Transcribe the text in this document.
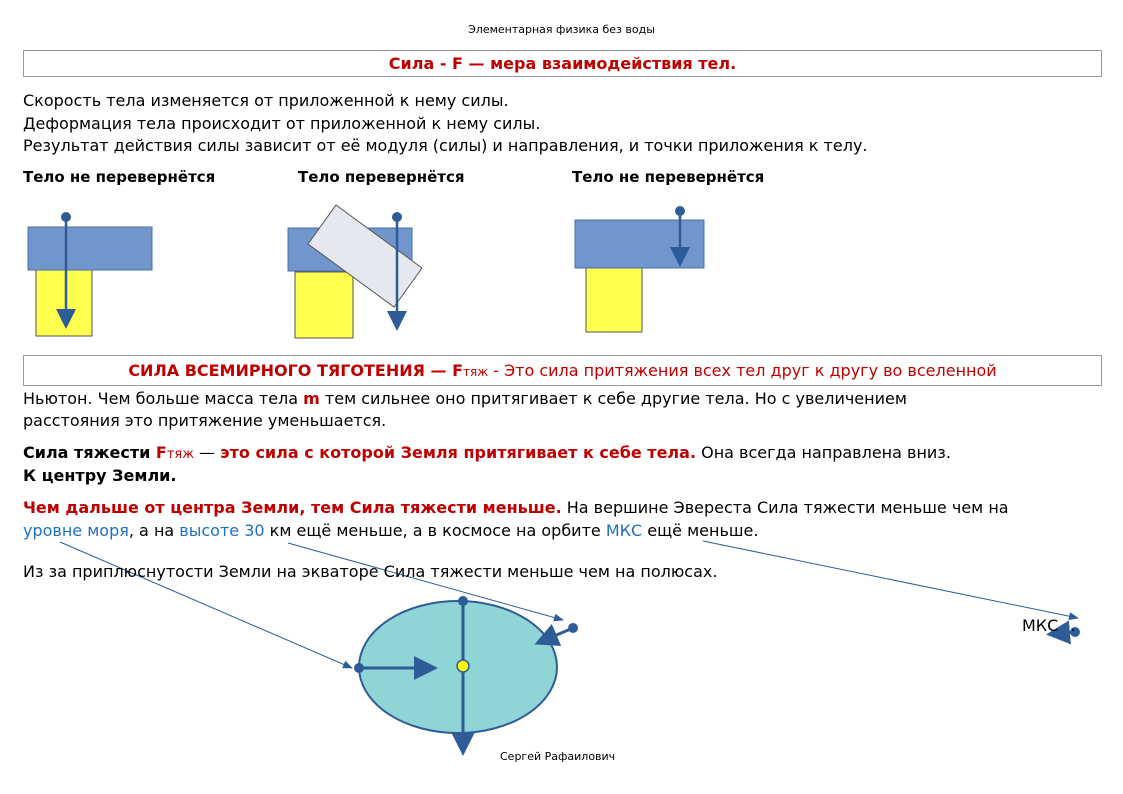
Элементарная физика без воды
Сила - F — мера взаимодействия тел.
Скорость тела изменяется от приложенной к нему силы.
Деформация тела происходит от приложенной к нему силы.
Результат действия силы зависит от её модуля (силы) и направления, и точки приложения к телу.
Тело не перевернётся	Тело перевернётся	Тело не перевернётся
СИЛА ВСЕМИРНОГО ТЯГОТЕНИЯ — Fтяж - Это сила притяжения всех тел друг к другу во вселенной
Ньютон. Чем больше масса тела m тем сильнее оно притягивает к себе другие тела. Но с увеличением
расстояния это притяжение уменьшается.
Сила тяжести Fтяж — это сила с которой Земля притягивает к себе тела. Она всегда направлена вниз.
К центру Земли.
Чем дальше от центра Земли, тем Сила тяжести меньше. На вершине Эвереста Сила тяжести меньше чем на
уровне моря, а на высоте 30 км ещё меньше, а в космосе на орбите МКС ещё меньше.
Из за приплюснутости Земли на экваторе Сила тяжести меньше чем на полюсах.
МКС .
Сергей Рафаилович
